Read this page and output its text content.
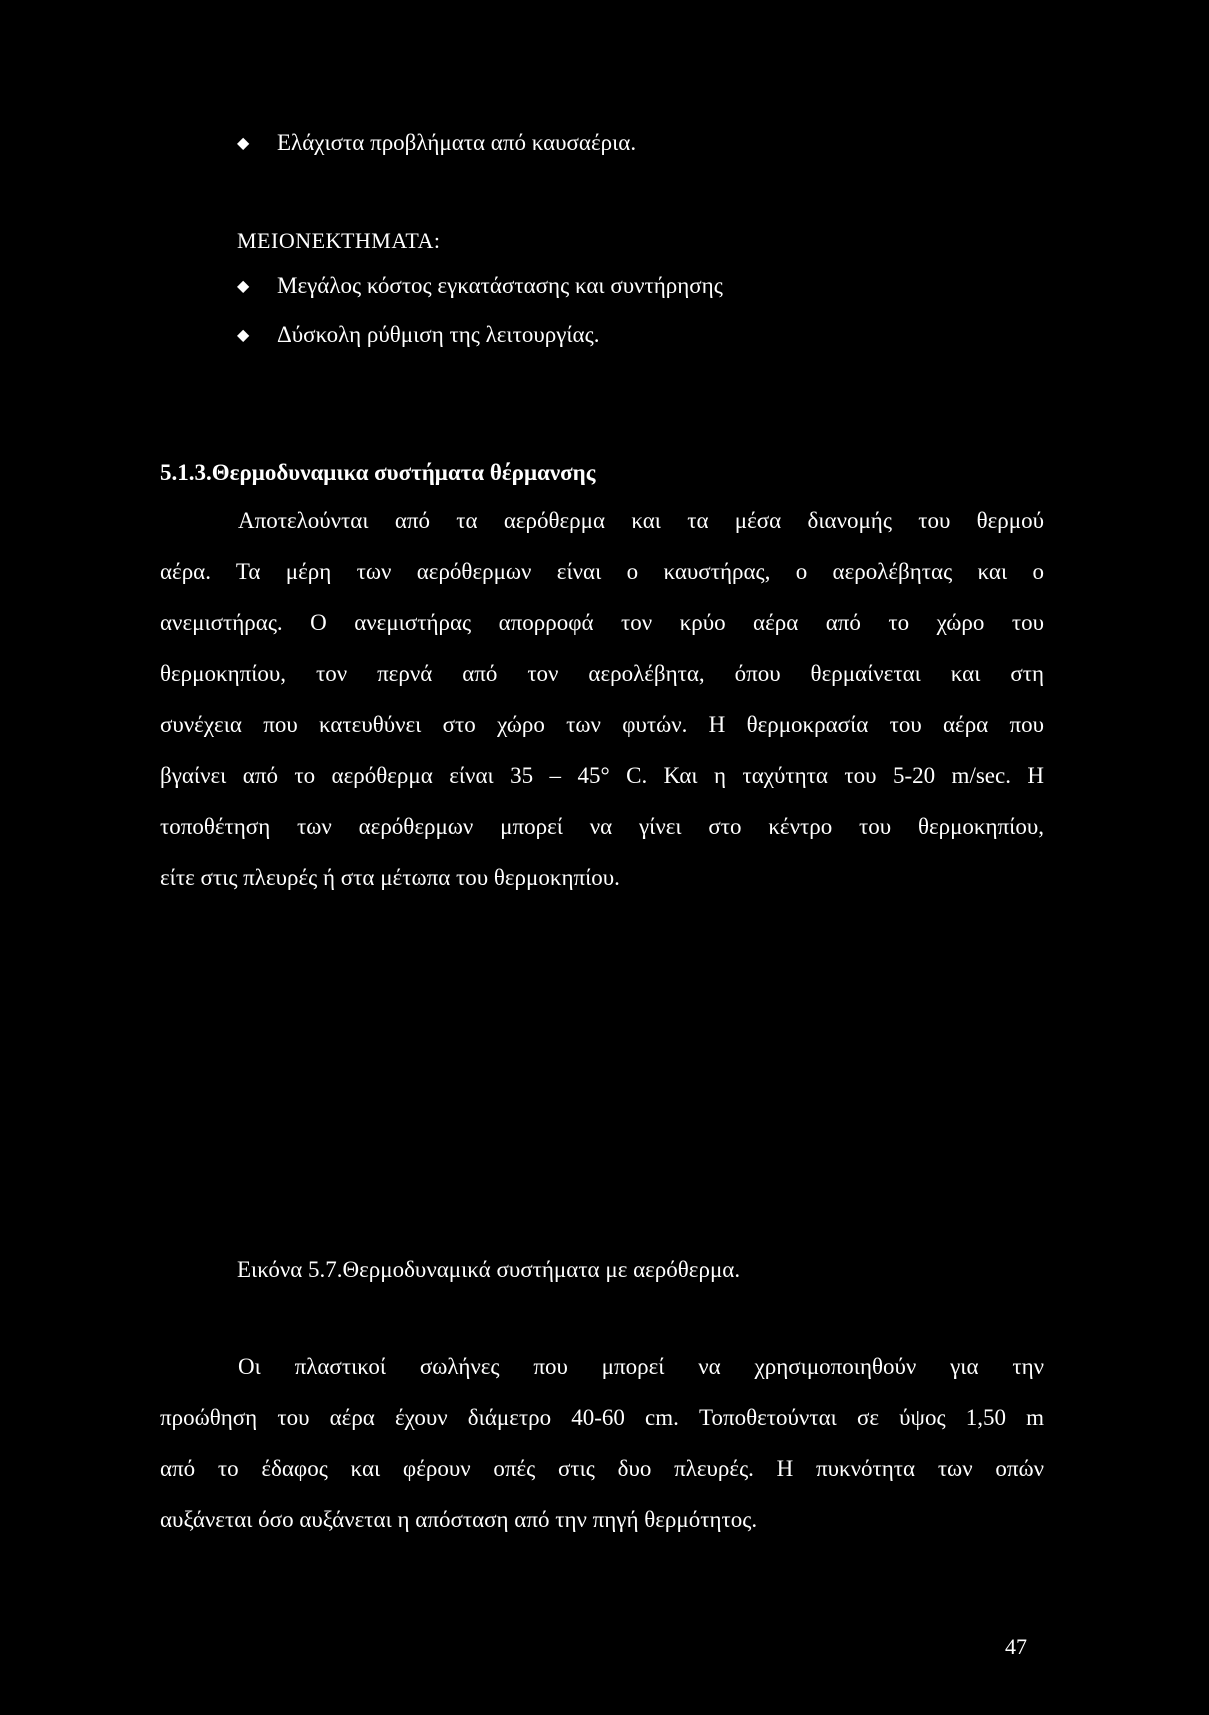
◆	Ελάχιστα προβλήματα από καυσαέρια.
ΜΕΙΟΝΕΚΤΗΜΑΤΑ:
◆	Μεγάλος κόστος εγκατάστασης και συντήρησης
◆	Δύσκολη ρύθμιση της λειτουργίας.
5.1.3.Θερμοδυναμικα συστήματα θέρμανσης
Αποτελούνται από τα αερόθερμα και τα μέσα διανομής του θερμού
αέρα. Τα μέρη των αερόθερμων είναι ο καυστήρας, ο αερολέβητας και ο
ανεμιστήρας. Ο ανεμιστήρας απορροφά τον κρύο αέρα από το χώρο του
θερμοκηπίου, τον περνά από τον αερολέβητα, όπου θερμαίνεται και στη
συνέχεια που κατευθύνει στο χώρο των φυτών. Η θερμοκρασία του αέρα που
βγαίνει από το αερόθερμα είναι 35 – 45° C. Και η ταχύτητα του 5-20 m/sec. Η
τοποθέτηση των αερόθερμων μπορεί να γίνει στο κέντρο του θερμοκηπίου,
είτε στις πλευρές ή στα μέτωπα του θερμοκηπίου.
Εικόνα 5.7.Θερμοδυναμικά συστήματα με αερόθερμα.
Οι πλαστικοί σωλήνες που μπορεί να χρησιμοποιηθούν για την
προώθηση του αέρα έχουν διάμετρο 40-60 cm. Τοποθετούνται σε ύψος 1,50 m
από το έδαφος και φέρουν οπές στις δυο πλευρές. Η πυκνότητα των οπών
αυξάνεται όσο αυξάνεται η απόσταση από την πηγή θερμότητος.
47
